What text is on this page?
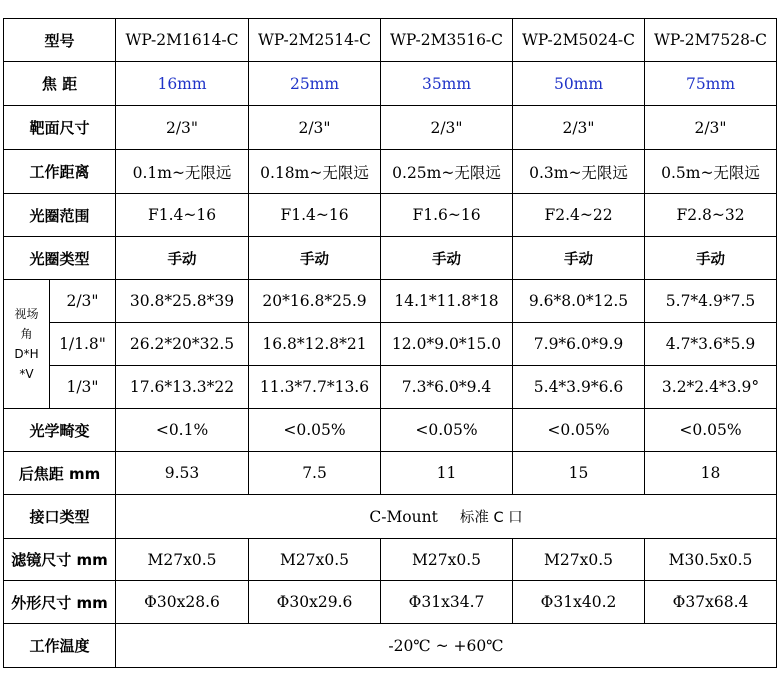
型号		WP-2M1614-C	WP-2M2514-C	WP-2M3516-C	WP-2M5024-C	WP-2M7528-C
焦 距		16mm	25mm	35mm	50mm	75mm
靶面尺寸		2/3"	2/3"	2/3"	2/3"	2/3"
工作距离		0.1m~无限远	0.18m~无限远	0.25m~无限远	0.3m~无限远	0.5m~无限远
光圈范围		F1.4~16	F1.4~16	F1.6~16	F2.4~22	F2.8~32
光圈类型		手动	手动	手动	手动	手动
视场
角
D*H
*V	2/3"	30.8*25.8*39	20*16.8*25.9	14.1*11.8*18	9.6*8.0*12.5	5.7*4.9*7.5
	1/1.8"	26.2*20*32.5	16.8*12.8*21	12.0*9.0*15.0	7.9*6.0*9.9	4.7*3.6*5.9
	1/3"	17.6*13.3*22	11.3*7.7*13.6	7.3*6.0*9.4	5.4*3.9*6.6	3.2*2.4*3.9°
光学畸变		<0.1%	<0.05%	<0.05%	<0.05%	<0.05%
后焦距 mm		9.53	7.5	11	15	18
接口类型		C-Mount 标准 C 口				
滤镜尺寸 mm		M27x0.5	M27x0.5	M27x0.5	M27x0.5	M30.5x0.5
外形尺寸 mm		Φ30x28.6	Φ30x29.6	Φ31x34.7	Φ31x40.2	Φ37x68.4
工作温度		-20℃ ~ +60℃				
